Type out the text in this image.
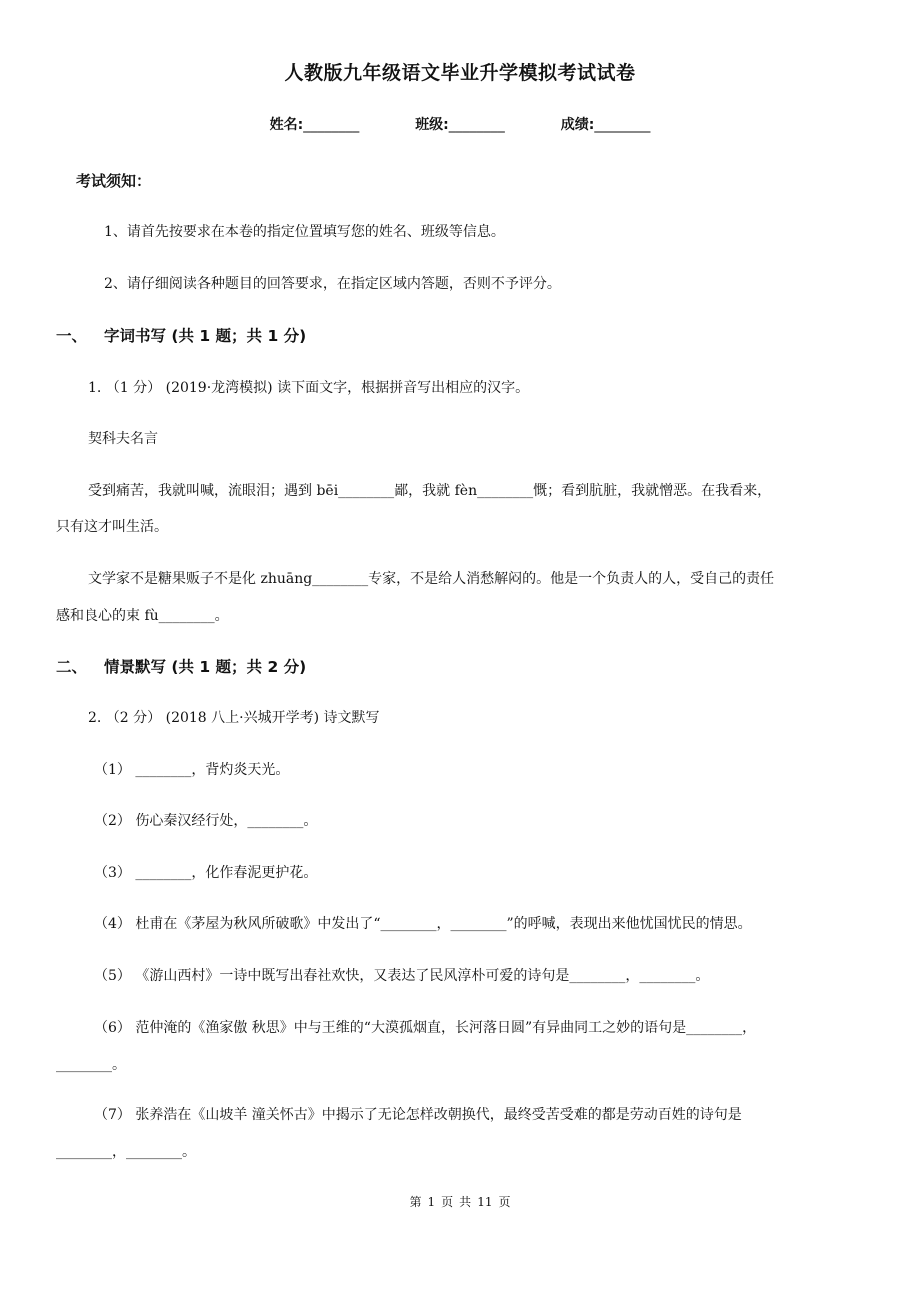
人教版九年级语文毕业升学模拟考试试卷
姓名:________	班级:________	成绩:________
考试须知：
1、请首先按要求在本卷的指定位置填写您的姓名、班级等信息。
2、请仔细阅读各种题目的回答要求，在指定区域内答题，否则不予评分。
一、 字词书写 (共 1 题；共 1 分)
1. （1 分） (2019·龙湾模拟) 读下面文字，根据拼音写出相应的汉字。
契科夫名言
受到痛苦，我就叫喊，流眼泪；遇到 bēi________鄙，我就 fèn________慨；看到肮脏，我就憎恶。在我看来，
只有这才叫生活。
文学家不是糖果贩子不是化 zhuāng________专家，不是给人消愁解闷的。他是一个负责人的人，受自己的责任
感和良心的束 fù________。
二、 情景默写 (共 1 题；共 2 分)
2. （2 分） (2018 八上·兴城开学考) 诗文默写
（1） ________，背灼炎天光。
（2） 伤心秦汉经行处，________。
（3） ________，化作春泥更护花。
（4） 杜甫在《茅屋为秋风所破歌》中发出了“________，________”的呼喊，表现出来他忧国忧民的情思。
（5） 《游山西村》一诗中既写出春社欢快，又表达了民风淳朴可爱的诗句是________，________。
（6） 范仲淹的《渔家傲 秋思》中与王维的“大漠孤烟直，长河落日圆”有异曲同工之妙的语句是________，
________。
（7） 张养浩在《山坡羊 潼关怀古》中揭示了无论怎样改朝换代，最终受苦受难的都是劳动百姓的诗句是
________，________。
第 1 页 共 11 页
